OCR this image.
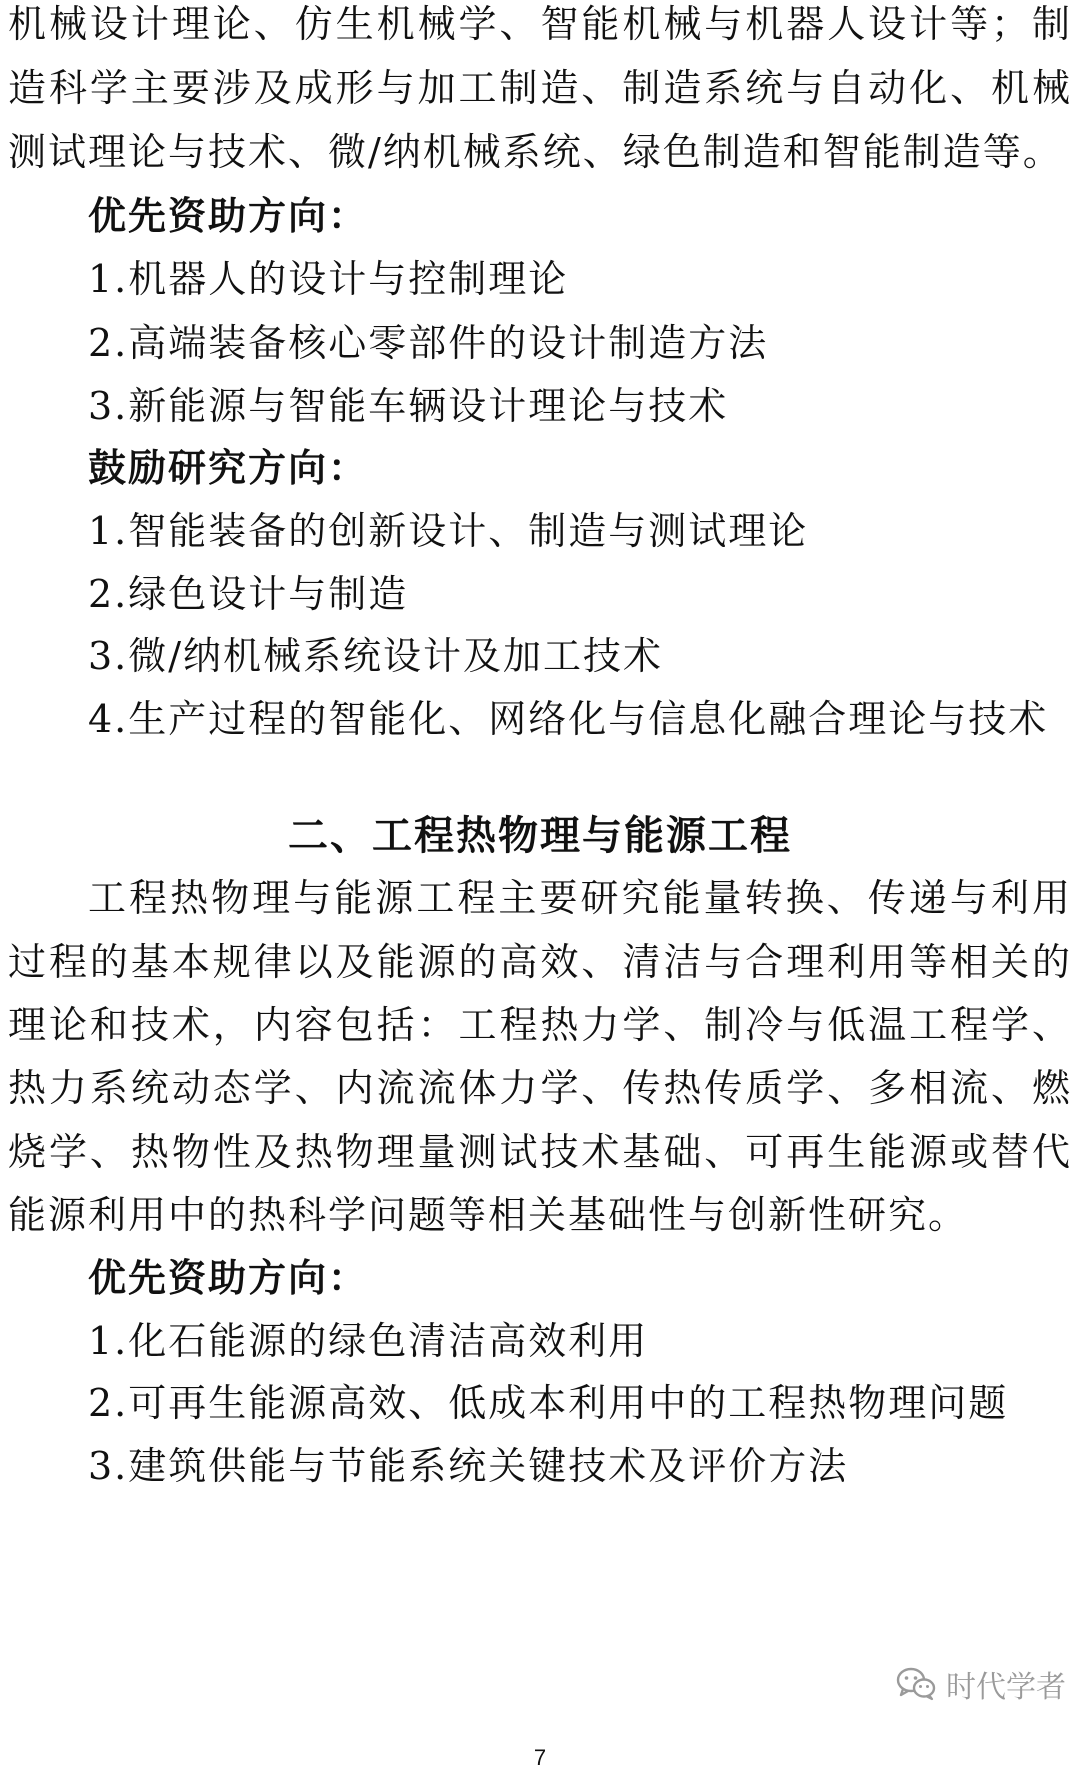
机械设计理论、仿生机械学、智能机械与机器人设计等；制
造科学主要涉及成形与加工制造、制造系统与自动化、机械
测试理论与技术、微/纳机械系统、绿色制造和智能制造等。
优先资助方向：
1.机器人的设计与控制理论
2.高端装备核心零部件的设计制造方法
3.新能源与智能车辆设计理论与技术
鼓励研究方向：
1.智能装备的创新设计、制造与测试理论
2.绿色设计与制造
3.微/纳机械系统设计及加工技术
4.生产过程的智能化、网络化与信息化融合理论与技术
二、工程热物理与能源工程
工程热物理与能源工程主要研究能量转换、传递与利用
过程的基本规律以及能源的高效、清洁与合理利用等相关的
理论和技术，内容包括：工程热力学、制冷与低温工程学、
热力系统动态学、内流流体力学、传热传质学、多相流、燃
烧学、热物性及热物理量测试技术基础、可再生能源或替代
能源利用中的热科学问题等相关基础性与创新性研究。
优先资助方向：
1.化石能源的绿色清洁高效利用
2.可再生能源高效、低成本利用中的工程热物理问题
3.建筑供能与节能系统关键技术及评价方法
时代学者
7
